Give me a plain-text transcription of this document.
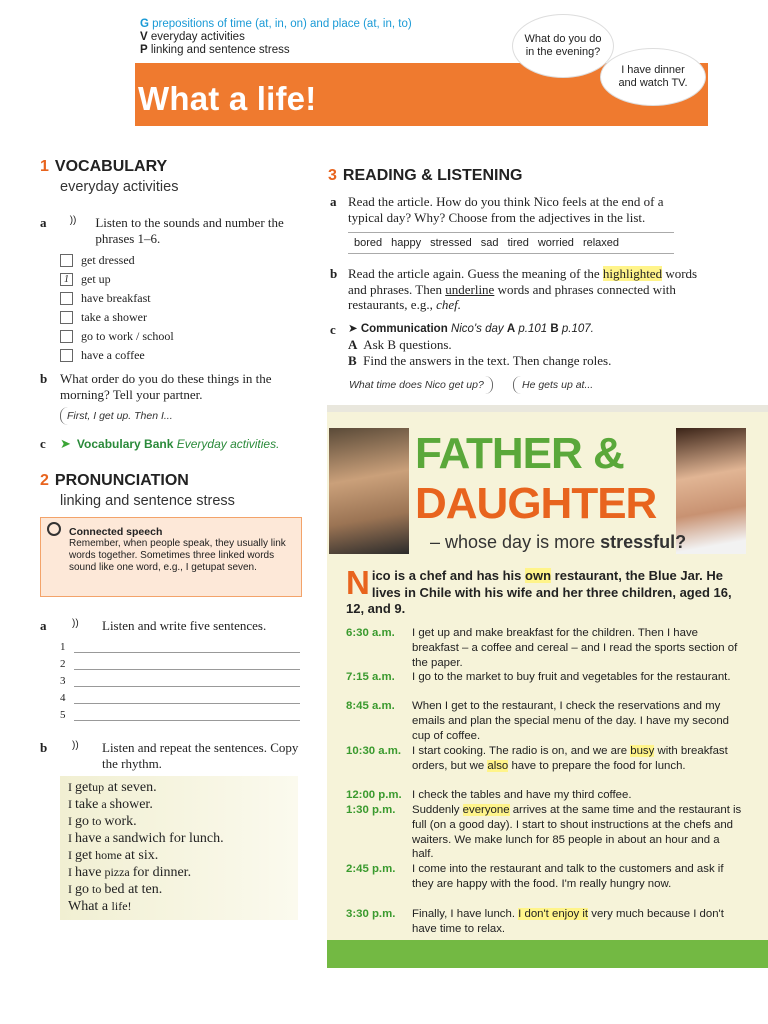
G prepositions of time (at, in, on) and place (at, in, to)
V everyday activities
P linking and sentence stress
What a life!
What do you do in the evening?
I have dinner and watch TV.
1 VOCABULARY
everyday activities
a	))	Listen to the sounds and number the phrases 1–6.
get dressed
1	get up
have breakfast
take a shower
go to work / school
have a coffee
b What order do you do these things in the morning? Tell your partner.
First, I get up. Then I...
c	➤ Vocabulary Bank Everyday activities.
2 PRONUNCIATION
linking and sentence stress
Connected speech
Remember, when people speak, they usually link words together. Sometimes three linked words sound like one word, e.g., I getupat seven.
a	))	Listen and write five sentences.
1
2
3
4
5
b	))	Listen and repeat the sentences. Copy the rhythm.
I getup at seven.
I take a shower.
I go to work.
I have a sandwich for lunch.
I get home at six.
I have pizza for dinner.
I go to bed at ten.
What a life!
3 READING & LISTENING
a Read the article. How do you think Nico feels at the end of a typical day? Why? Choose from the adjectives in the list.
bored happy stressed sad tired worried relaxed
b Read the article again. Guess the meaning of the highlighted words and phrases. Then underline words and phrases connected with restaurants, e.g., chef.
c	➤ Communication Nico's day A p.101 B p.107.
A Ask B questions.
B Find the answers in the text. Then change roles.
What time does Nico get up?	He gets up at...
FATHER &
DAUGHTER
– whose day is more stressful?
Nico is a chef and has his own restaurant, the Blue Jar. He lives in Chile with his wife and her three children, aged 16, 12, and 9.
6:30 a.m.	I get up and make breakfast for the children. Then I have breakfast – a coffee and cereal – and I read the sports section of the paper.
7:15 a.m.	I go to the market to buy fruit and vegetables for the restaurant.
8:45 a.m.	When I get to the restaurant, I check the reservations and my emails and plan the special menu of the day. I have my second cup of coffee.
10:30 a.m. I start cooking. The radio is on, and we are busy with breakfast orders, but we also have to prepare the food for lunch.
12:00 p.m. I check the tables and have my third coffee.
1:30 p.m.	Suddenly everyone arrives at the same time and the restaurant is full (on a good day). I start to shout instructions at the chefs and waiters. We make lunch for 85 people in about an hour and a half.
2:45 p.m.	I come into the restaurant and talk to the customers and ask if they are happy with the food. I'm really hungry now.
3:30 p.m.	Finally, I have lunch. I don't enjoy it very much because I don't have time to relax.
